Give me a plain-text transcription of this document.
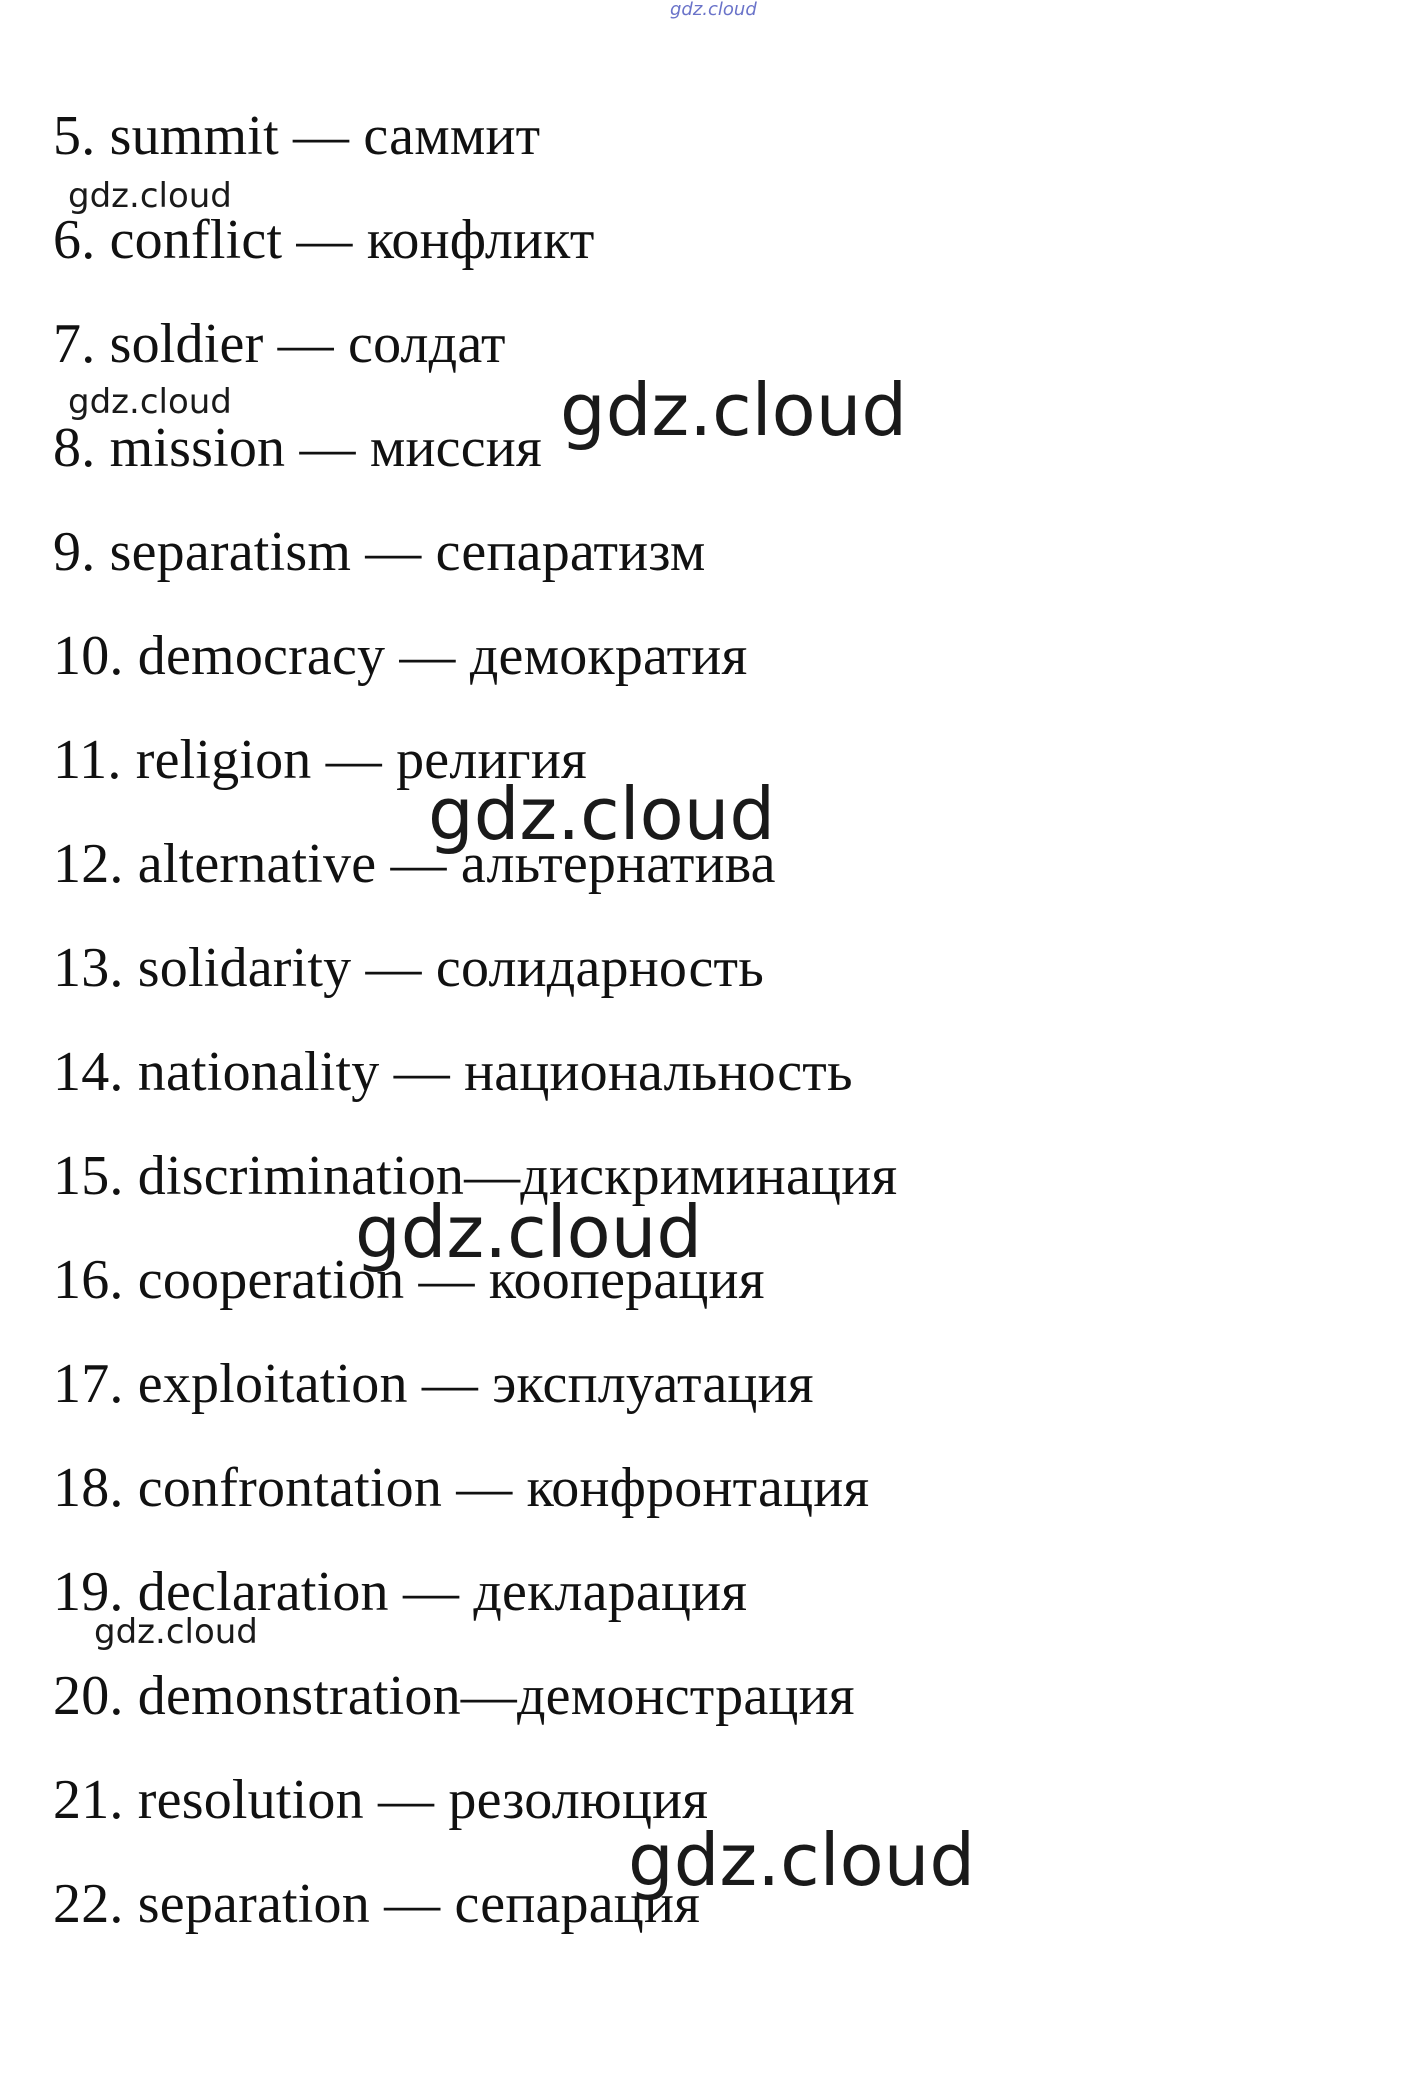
gdz.cloud
5. summit — саммит
6. conflict — конфликт
7. soldier — солдат
8. mission — миссия
9. separatism — сепаратизм
10. democracy — демократия
11. religion — религия
12. alternative — альтернатива
13. solidarity — солидарность
14. nationality — национальность
15. discrimination—дискриминация
16. cooperation — кооперация
17. exploitation — эксплуатация
18. confrontation — конфронтация
19. declaration — декларация
20. demonstration—демонстрация
21. resolution — резолюция
22. separation — сепарация
gdz.cloud
gdz.cloud
gdz.cloud
gdz.cloud
gdz.cloud
gdz.cloud
gdz.cloud
